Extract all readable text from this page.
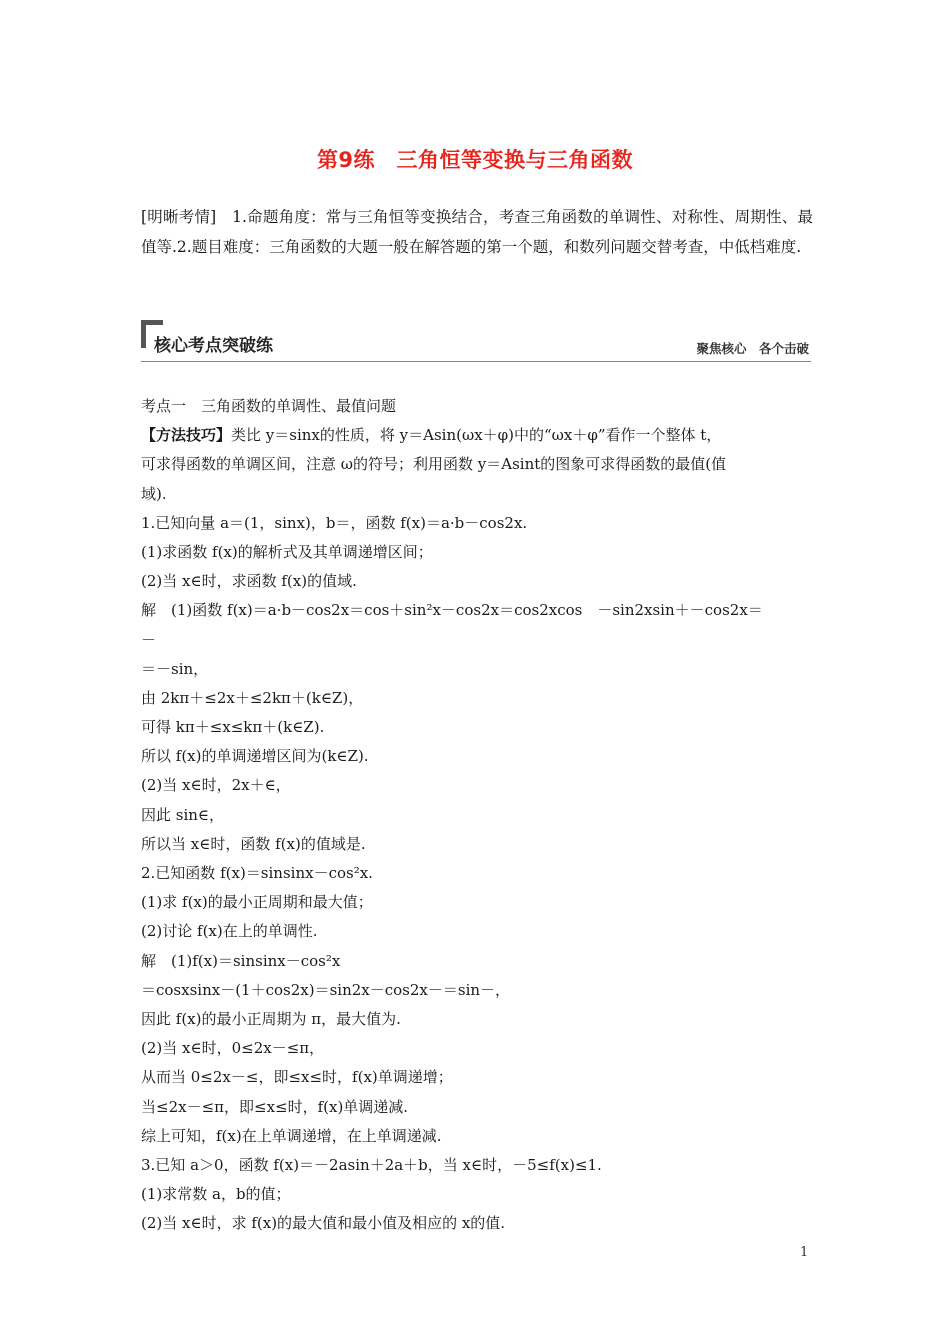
第9练　三角恒等变换与三角函数
[明晰考情]　1.命题角度：常与三角恒等变换结合，考查三角函数的单调性、对称性、周期性、最值等.2.题目难度：三角函数的大题一般在解答题的第一个题，和数列问题交替考查，中低档难度.
核心考点突破练	聚焦核心　各个击破
考点一　三角函数的单调性、最值问题
【方法技巧】类比 y＝sinx的性质，将 y＝Asin(ωx＋φ)中的“ωx＋φ”看作一个整体 t，
可求得函数的单调区间，注意 ω的符号；利用函数 y＝Asint的图象可求得函数的最值(值
域).
1.已知向量 a＝(1，sinx)，b＝，函数 f(x)＝a·b－cos2x.
(1)求函数 f(x)的解析式及其单调递增区间；
(2)当 x∈时，求函数 f(x)的值域.
解　(1)函数 f(x)＝a·b－cos2x＝cos＋sin²x－cos2x＝cos2xcos　－sin2xsin＋－cos2x＝
－
＝－sin，
由 2kπ＋≤2x＋≤2kπ＋(k∈Z)，
可得 kπ＋≤x≤kπ＋(k∈Z).
所以 f(x)的单调递增区间为(k∈Z).
(2)当 x∈时，2x＋∈，
因此 sin∈，
所以当 x∈时，函数 f(x)的值域是.
2.已知函数 f(x)＝sinsinx－cos²x.
(1)求 f(x)的最小正周期和最大值；
(2)讨论 f(x)在上的单调性.
解　(1)f(x)＝sinsinx－cos²x
＝cosxsinx－(1＋cos2x)＝sin2x－cos2x－＝sin－，
因此 f(x)的最小正周期为 π，最大值为.
(2)当 x∈时，0≤2x－≤π，
从而当 0≤2x－≤，即≤x≤时，f(x)单调递增；
当≤2x－≤π，即≤x≤时，f(x)单调递减.
综上可知，f(x)在上单调递增，在上单调递减.
3.已知 a＞0，函数 f(x)＝－2asin＋2a＋b，当 x∈时，－5≤f(x)≤1.
(1)求常数 a，b的值；
(2)当 x∈时，求 f(x)的最大值和最小值及相应的 x的值.
1
